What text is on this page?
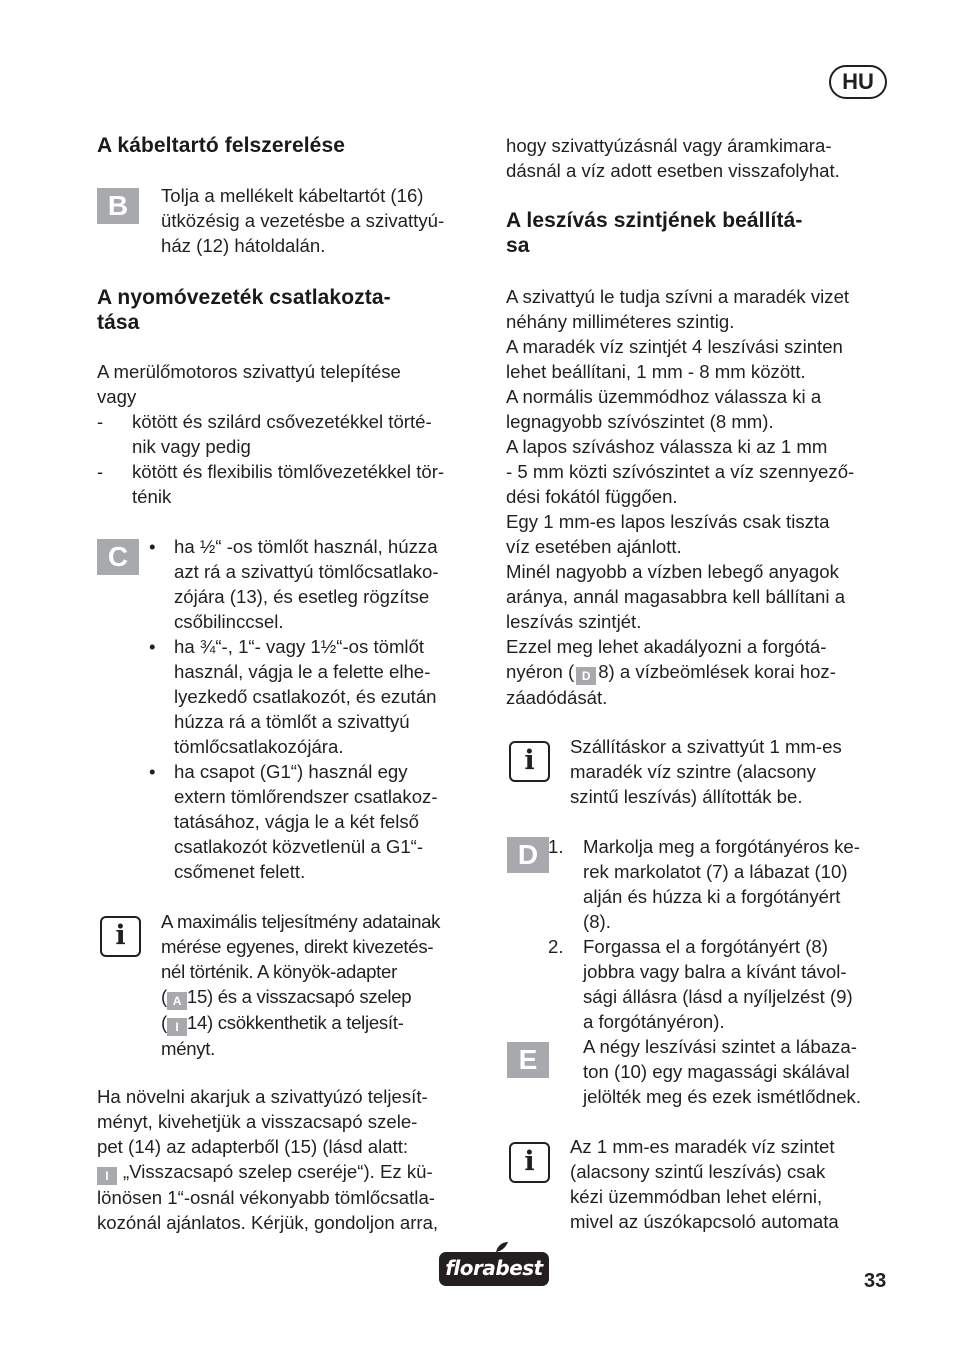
HU
A kábeltartó felszerelése
B	Tolja a mellékelt kábeltartót (16)
ütközésig a vezetésbe a szivattyú-
ház (12) hátoldalán.
A nyomóvezeték csatlakozta-
tása
A merülőmotoros szivattyú telepítése
vagy
- kötött és szilárd csővezetékkel törté-
nik vagy pedig
- kötött és flexibilis tömlővezetékkel tör-
ténik
C	• ha ½“ -os tömlőt használ, húzza
azt rá a szivattyú tömlőcsatlako-
zójára (13), és esetleg rögzítse
csőbilinccsel.
• ha ¾“-, 1“- vagy 1½“-os tömlőt
használ, vágja le a felette elhe-
lyezkedő csatlakozót, és ezután
húzza rá a tömlőt a szivattyú
tömlőcsatlakozójára.
• ha csapot (G1“) használ egy
extern tömlőrendszer csatlakoz-
tatásához, vágja le a két felső
csatlakozót közvetlenül a G1“-
csőmenet felett.
i	A maximális teljesítmény adatainak
mérése egyenes, direkt kivezetés-
nél történik. A könyök-adapter
( A 15) és a visszacsapó szelep
( I 14) csökkenthetik a teljesít-
ményt.
Ha növelni akarjuk a szivattyúzó teljesít-
ményt, kivehetjük a visszacsapó szele-
pet (14) az adapterből (15) (lásd alatt:
I „Visszacsapó szelep cseréje“). Ez kü-
lönösen 1“-osnál vékonyabb tömlőcsatla-
kozónál ajánlatos. Kérjük, gondoljon arra,
hogy szivattyúzásnál vagy áramkimara-
dásnál a víz adott esetben visszafolyhat.
A leszívás szintjének beállítá-
sa
A szivattyú le tudja szívni a maradék vizet
néhány milliméteres szintig.
A maradék víz szintjét 4 leszívási szinten
lehet beállítani, 1 mm - 8 mm között.
A normális üzemmódhoz válassza ki a
legnagyobb szívószintet (8 mm).
A lapos szíváshoz válassza ki az 1 mm
- 5 mm közti szívószintet a víz szennyező-
dési fokától függően.
Egy 1 mm-es lapos leszívás csak tiszta
víz esetében ajánlott.
Minél nagyobb a vízben lebegő anyagok
aránya, annál magasabbra kell bállítani a
leszívás szintjét.
Ezzel meg lehet akadályozni a forgótá-
nyéron ( D 8) a vízbeömlések korai hoz-
záadódását.
i	Szállításkor a szivattyút 1 mm-es
maradék víz szintre (alacsony
szintű leszívás) állították be.
D 1. Markolja meg a forgótányéros ke-
rek markolatot (7) a lábazat (10)
alján és húzza ki a forgótányért
(8).
2. Forgassa el a forgótányért (8)
jobbra vagy balra a kívánt távol-
sági állásra (lásd a nyíljelzést (9)
a forgótányéron).
A négy leszívási szintet a lábaza-
ton (10) egy magassági skálával
jelölték meg és ezek ismétlődnek.
E
i	Az 1 mm-es maradék víz szintet
(alacsony szintű leszívás) csak
kézi üzemmódban lehet elérni,
mivel az úszókapcsoló automata
florabest
33
